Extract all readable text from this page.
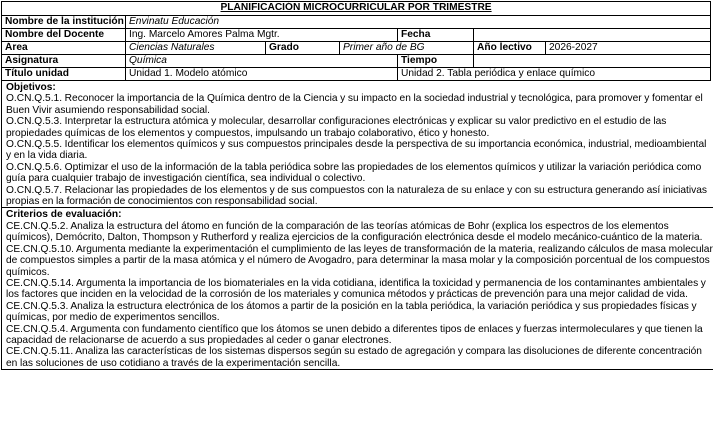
PLANIFICACIÓN MICROCURRICULAR POR TRIMESTRE						
Nombre de la institución	Envinatu Educación					
Nombre del Docente	Ing. Marcelo Amores Palma Mgtr.			Fecha		
Área	Ciencias Naturales	Grado	Primer año de BG		Año lectivo	2026-2027
Asignatura	Química			Tiempo		
Título unidad	Unidad 1. Modelo atómico			Unidad 2. Tabla periódica y enlace químico		
Objetivos:
O.CN.Q.5.1. Reconocer la importancia de la Química dentro de la Ciencia y su impacto en la sociedad industrial y tecnológica, para promover y fomentar el Buen Vivir asumiendo responsabilidad social.
O.CN.Q.5.3. Interpretar la estructura atómica y molecular, desarrollar configuraciones electrónicas y explicar su valor predictivo en el estudio de las propiedades químicas de los elementos y compuestos, impulsando un trabajo colaborativo, ético y honesto.
O.CN.Q.5.5. Identificar los elementos químicos y sus compuestos principales desde la perspectiva de su importancia económica, industrial, medioambiental y en la vida diaria.
O.CN.Q.5.6. Optimizar el uso de la información de la tabla periódica sobre las propiedades de los elementos químicos y utilizar la variación periódica como guía para cualquier trabajo de investigación científica, sea individual o colectivo.
O.CN.Q.5.7. Relacionar las propiedades de los elementos y de sus compuestos con la naturaleza de su enlace y con su estructura generando así iniciativas propias en la formación de conocimientos con responsabilidad social.
Criterios de evaluación:
CE.CN.Q.5.2. Analiza la estructura del átomo en función de la comparación de las teorías atómicas de Bohr (explica los espectros de los elementos químicos), Demócrito, Dalton, Thompson y Rutherford y realiza ejercicios de la configuración electrónica desde el modelo mecánico-cuántico de la materia.
CE.CN.Q.5.10. Argumenta mediante la experimentación el cumplimiento de las leyes de transformación de la materia, realizando cálculos de masa molecular de compuestos simples a partir de la masa atómica y el número de Avogadro, para determinar la masa molar y la composición porcentual de los compuestos químicos.
CE.CN.Q.5.14. Argumenta la importancia de los biomateriales en la vida cotidiana, identifica la toxicidad y permanencia de los contaminantes ambientales y los factores que inciden en la velocidad de la corrosión de los materiales y comunica métodos y prácticas de prevención para una mejor calidad de vida.
CE.CN.Q.5.3. Analiza la estructura electrónica de los átomos a partir de la posición en la tabla periódica, la variación periódica y sus propiedades físicas y químicas, por medio de experimentos sencillos.
CE.CN.Q.5.4. Argumenta con fundamento científico que los átomos se unen debido a diferentes tipos de enlaces y fuerzas intermoleculares y que tienen la capacidad de relacionarse de acuerdo a sus propiedades al ceder o ganar electrones.
CE.CN.Q.5.11. Analiza las características de los sistemas dispersos según su estado de agregación y compara las disoluciones de diferente concentración en las soluciones de uso cotidiano a través de la experimentación sencilla.
